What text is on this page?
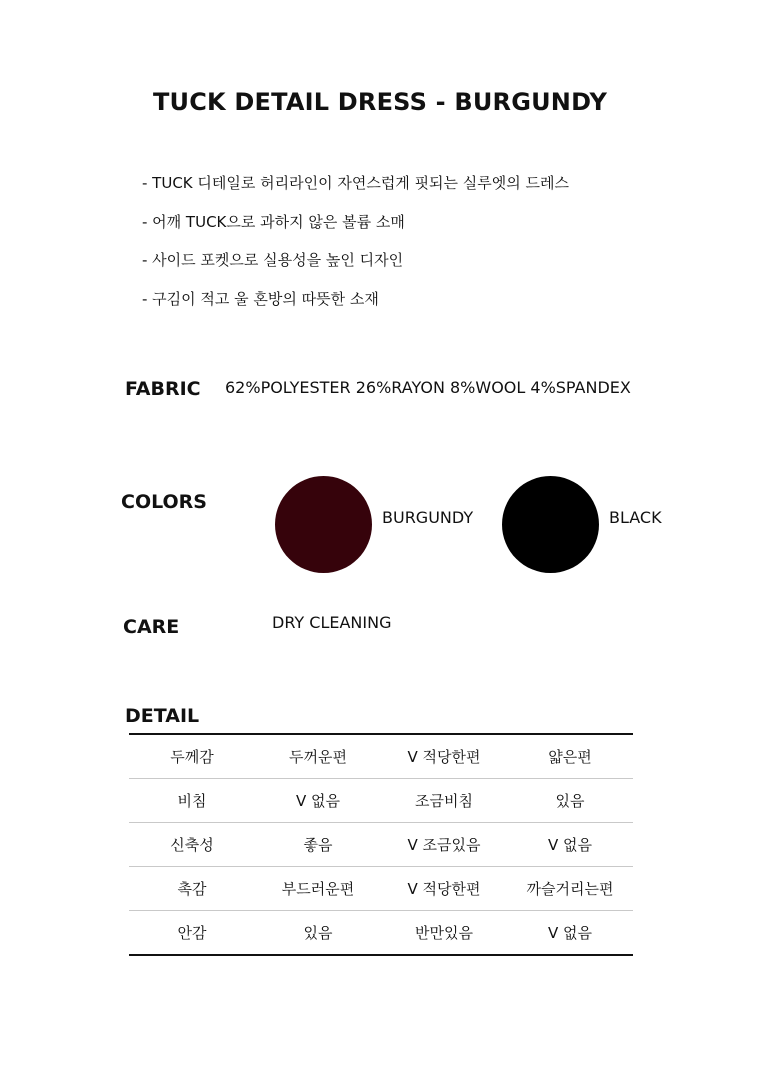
TUCK DETAIL DRESS - BURGUNDY
- TUCK 디테일로 허리라인이 자연스럽게 핏되는 실루엣의 드레스
- 어깨 TUCK으로 과하지 않은 볼륨 소매
- 사이드 포켓으로 실용성을 높인 디자인
- 구김이 적고 울 혼방의 따뜻한 소재
FABRIC 62%POLYESTER 26%RAYON 8%WOOL 4%SPANDEX
COLORS
BURGUNDY	BLACK
CARE	DRY CLEANING
DETAIL
두께감	두꺼운편	V 적당한편	얇은편
비침	V 없음	조금비침	있음
신축성	좋음	V 조금있음	V 없음
촉감	부드러운편	V 적당한편	까슬거리는편
안감	있음	반만있음	V 없음
